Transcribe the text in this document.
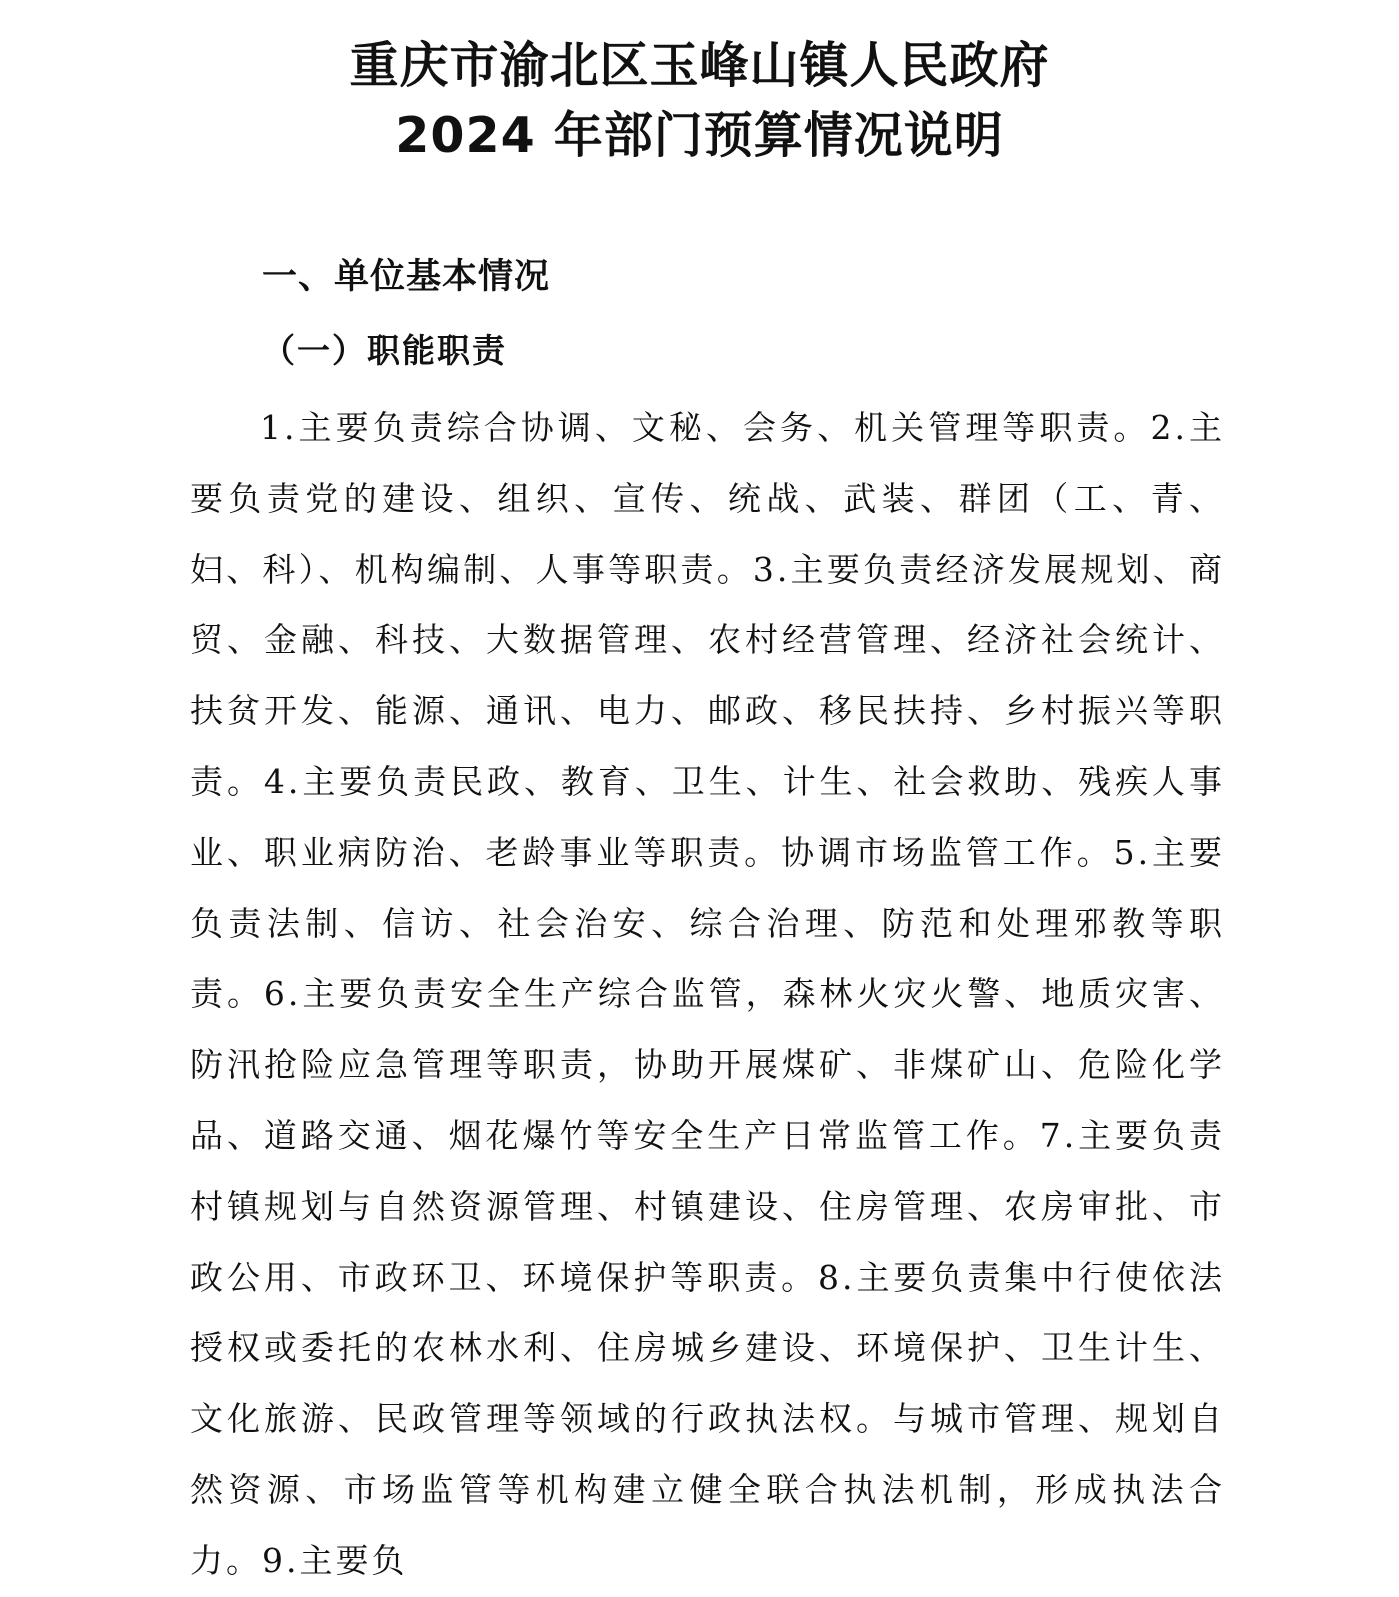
重庆市渝北区玉峰山镇人民政府
2024 年部门预算情况说明
一、单位基本情况
（一）职能职责

1.主要负责综合协调、文秘、会务、机关管理等职责。2.主要负责党的建设、组织、宣传、统战、武装、群团（工、青、妇、科）、机构编制、人事等职责。3.主要负责经济发展规划、商贸、金融、科技、大数据管理、农村经营管理、经济社会统计、扶贫开发、能源、通讯、电力、邮政、移民扶持、乡村振兴等职责。4.主要负责民政、教育、卫生、计生、社会救助、残疾人事业、职业病防治、老龄事业等职责。协调市场监管工作。5.主要负责法制、信访、社会治安、综合治理、防范和处理邪教等职责。6.主要负责安全生产综合监管，森林火灾火警、地质灾害、防汛抢险应急管理等职责，协助开展煤矿、非煤矿山、危险化学品、道路交通、烟花爆竹等安全生产日常监管工作。7.主要负责村镇规划与自然资源管理、村镇建设、住房管理、农房审批、市政公用、市政环卫、环境保护等职责。8.主要负责集中行使依法授权或委托的农林水利、住房城乡建设、环境保护、卫生计生、文化旅游、民政管理等领域的行政执法权。与城市管理、规划自然资源、市场监管等机构建立健全联合执法机制，形成执法合力。9.主要负
